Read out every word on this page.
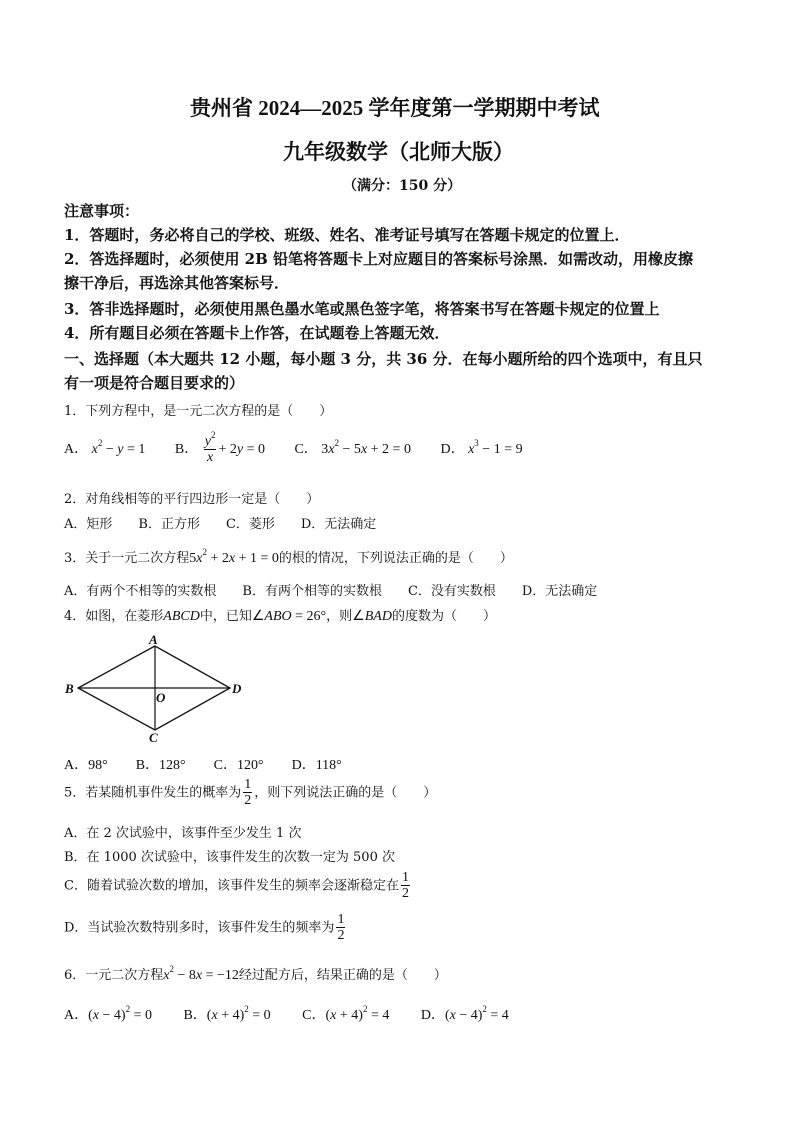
贵州省 2024—2025 学年度第一学期期中考试
九年级数学（北师大版）
（满分：150 分）
注意事项：
1．答题时，务必将自己的学校、班级、姓名、准考证号填写在答题卡规定的位置上．
2．答选择题时，必须使用 2B 铅笔将答题卡上对应题目的答案标号涂黑．如需改动，用橡皮擦
擦干净后，再选涂其他答案标号．
3．答非选择题时，必须使用黑色墨水笔或黑色签字笔，将答案书写在答题卡规定的位置上
4．所有题目必须在答题卡上作答，在试题卷上答题无效．
一、选择题（本大题共 12 小题，每小题 3 分，共 36 分．在每小题所给的四个选项中，有且只
有一项是符合题目要求的）
1．下列方程中，是一元二次方程的是（　　）
A． $x^2 - y = 1$ B． $\frac{y^2}{x} + 2y = 0$ C． $3x^2 - 5x + 2 = 0$ D． $x^3 - 1 = 9$
2．对角线相等的平行四边形一定是（　　）
A．矩形　　B．正方形　　C．菱形　　D．无法确定
3．关于一元二次方程$5x^2 + 2x + 1 = 0$的根的情况，下列说法正确的是（　　）
A．有两个不相等的实数根　　B．有两个相等的实数根　　C．没有实数根　　D．无法确定
4．如图，在菱形ABCD中，已知∠ABO = 26°，则∠BAD的度数为（　　）
A
B
C
D
O
A．98°　　B．128°　　C．120°　　D．118°
5．若某随机事件发生的概率为 $\frac{1}{2}$ ，则下列说法正确的是（　　）
A．在 2 次试验中，该事件至少发生 1 次
B．在 1000 次试验中，该事件发生的次数一定为 500 次
C．随着试验次数的增加，该事件发生的频率会逐渐稳定在 $\frac{1}{2}$
D．当试验次数特别多时，该事件发生的频率为 $\frac{1}{2}$
6．一元二次方程$x^2 - 8x = -12$经过配方后，结果正确的是（　　）
A．$(x - 4)^2 = 0$ B．$(x + 4)^2 = 0$ C．$(x + 4)^2 = 4$ D．$(x - 4)^2 = 4$
